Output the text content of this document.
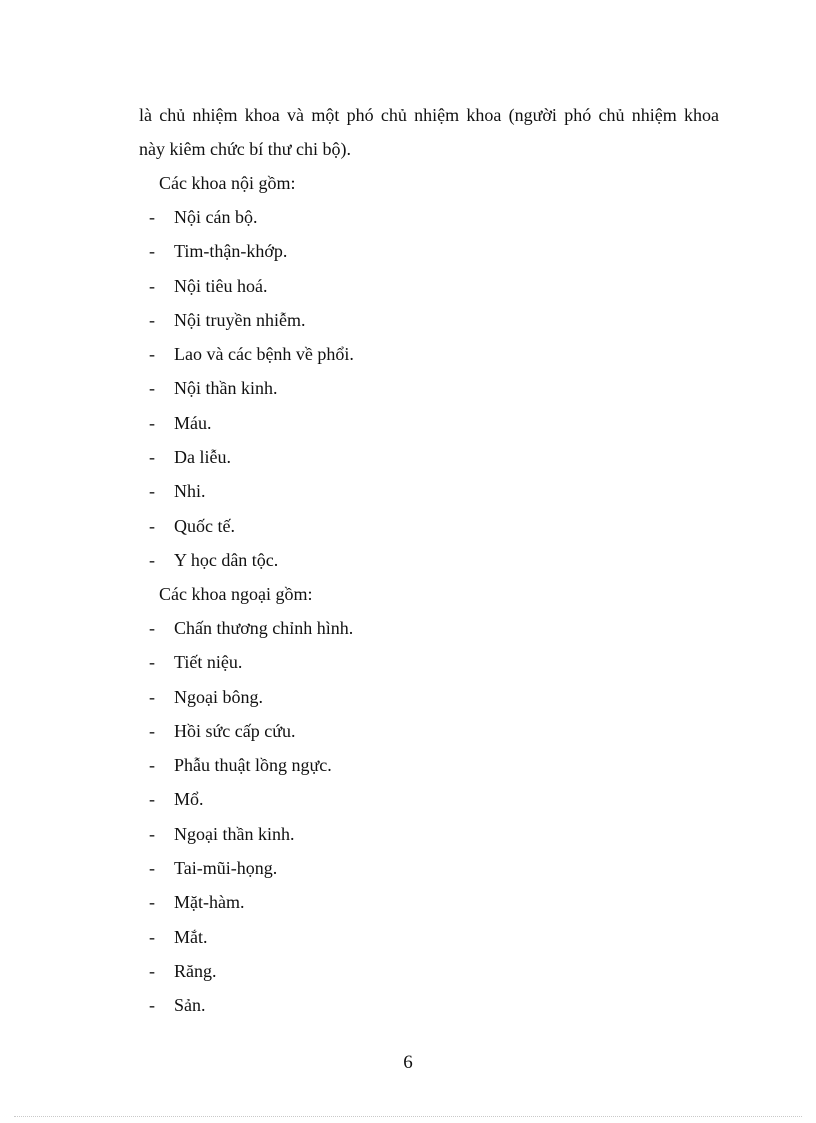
là chủ nhiệm khoa và một phó chủ nhiệm khoa (người phó chủ nhiệm khoa
này kiêm chức bí thư chi bộ).

Các khoa nội gồm:

- Nội cán bộ.
- Tim-thận-khớp.
- Nội tiêu hoá.
- Nội truyền nhiễm.
- Lao và các bệnh về phổi.
- Nội thần kinh.
- Máu.
- Da liễu.
- Nhi.
- Quốc tế.
- Y học dân tộc.

Các khoa ngoại gồm:

- Chấn thương chỉnh hình.
- Tiết niệu.
- Ngoại bông.
- Hồi sức cấp cứu.
- Phẫu thuật lồng ngực.
- Mổ.
- Ngoại thần kinh.
- Tai-mũi-họng.
- Mặt-hàm.
- Mắt.
- Răng.
- Sản.
6
